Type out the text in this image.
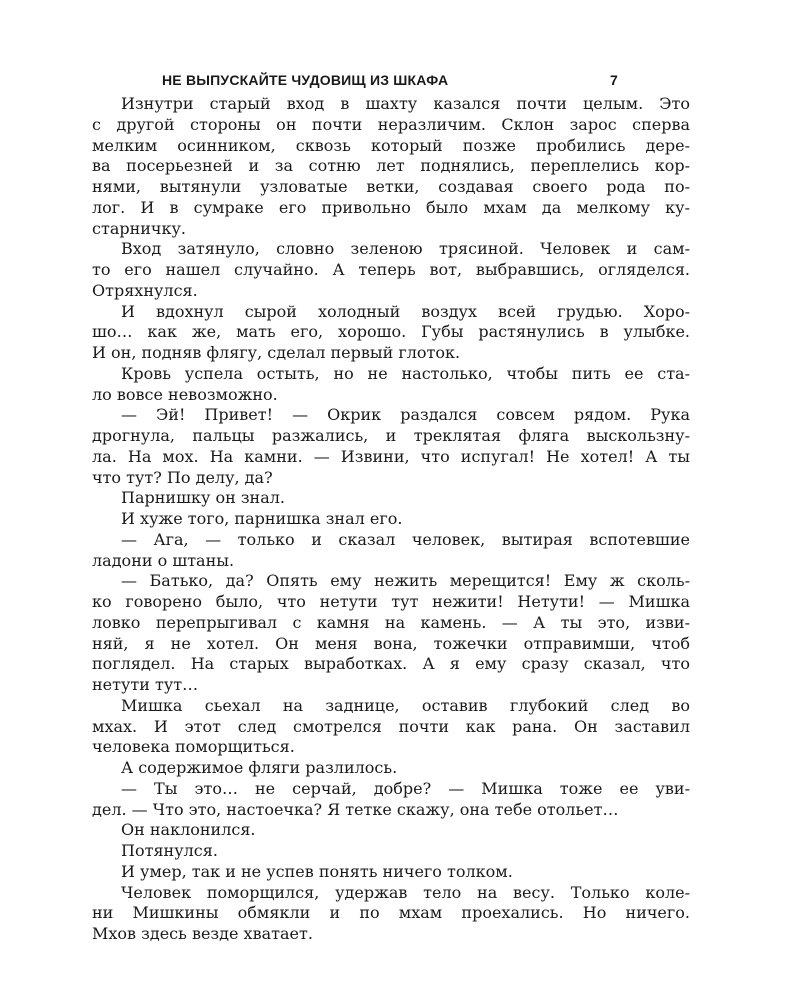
НЕ ВЫПУСКАЙТЕ ЧУДОВИЩ ИЗ ШКАФА	7
Изнутри старый вход в шахту казался почти целым. Это
с другой стороны он почти неразличим. Склон зарос сперва
мелким осинником, сквозь который позже пробились дере-
ва посерьезней и за сотню лет поднялись, переплелись кор-
нями, вытянули узловатые ветки, создавая своего рода по-
лог. И в сумраке его привольно было мхам да мелкому ку-
старничку.
Вход затянуло, словно зеленою трясиной. Человек и сам-
то его нашел случайно. А теперь вот, выбравшись, огляделся.
Отряхнулся.
И вдохнул сырой холодный воздух всей грудью. Хоро-
шо… как же, мать его, хорошо. Губы растянулись в улыбке.
И он, подняв флягу, сделал первый глоток.
Кровь успела остыть, но не настолько, чтобы пить ее ста-
ло вовсе невозможно.
— Эй! Привет! — Окрик раздался совсем рядом. Рука
дрогнула, пальцы разжались, и треклятая фляга выскользну-
ла. На мох. На камни. — Извини, что испугал! Не хотел! А ты
что тут? По делу, да?
Парнишку он знал.
И хуже того, парнишка знал его.
— Ага, — только и сказал человек, вытирая вспотевшие
ладони о штаны.
— Батько, да? Опять ему нежить мерещится! Ему ж сколь-
ко говорено было, что нетути тут нежити! Нетути! — Мишка
ловко перепрыгивал с камня на камень. — А ты это, изви-
няй, я не хотел. Он меня вона, тожечки отправимши, чтоб
поглядел. На старых выработках. А я ему сразу сказал, что
нетути тут…
Мишка сьехал на заднице, оставив глубокий след во
мхах. И этот след смотрелся почти как рана. Он заставил
человека поморщиться.
А содержимое фляги разлилось.
— Ты это… не серчай, добре? — Мишка тоже ее уви-
дел. — Что это, настоечка? Я тетке скажу, она тебе отольет…
Он наклонился.
Потянулся.
И умер, так и не успев понять ничего толком.
Человек поморщился, удержав тело на весу. Только коле-
ни Мишкины обмякли и по мхам проехались. Но ничего.
Мхов здесь везде хватает.
